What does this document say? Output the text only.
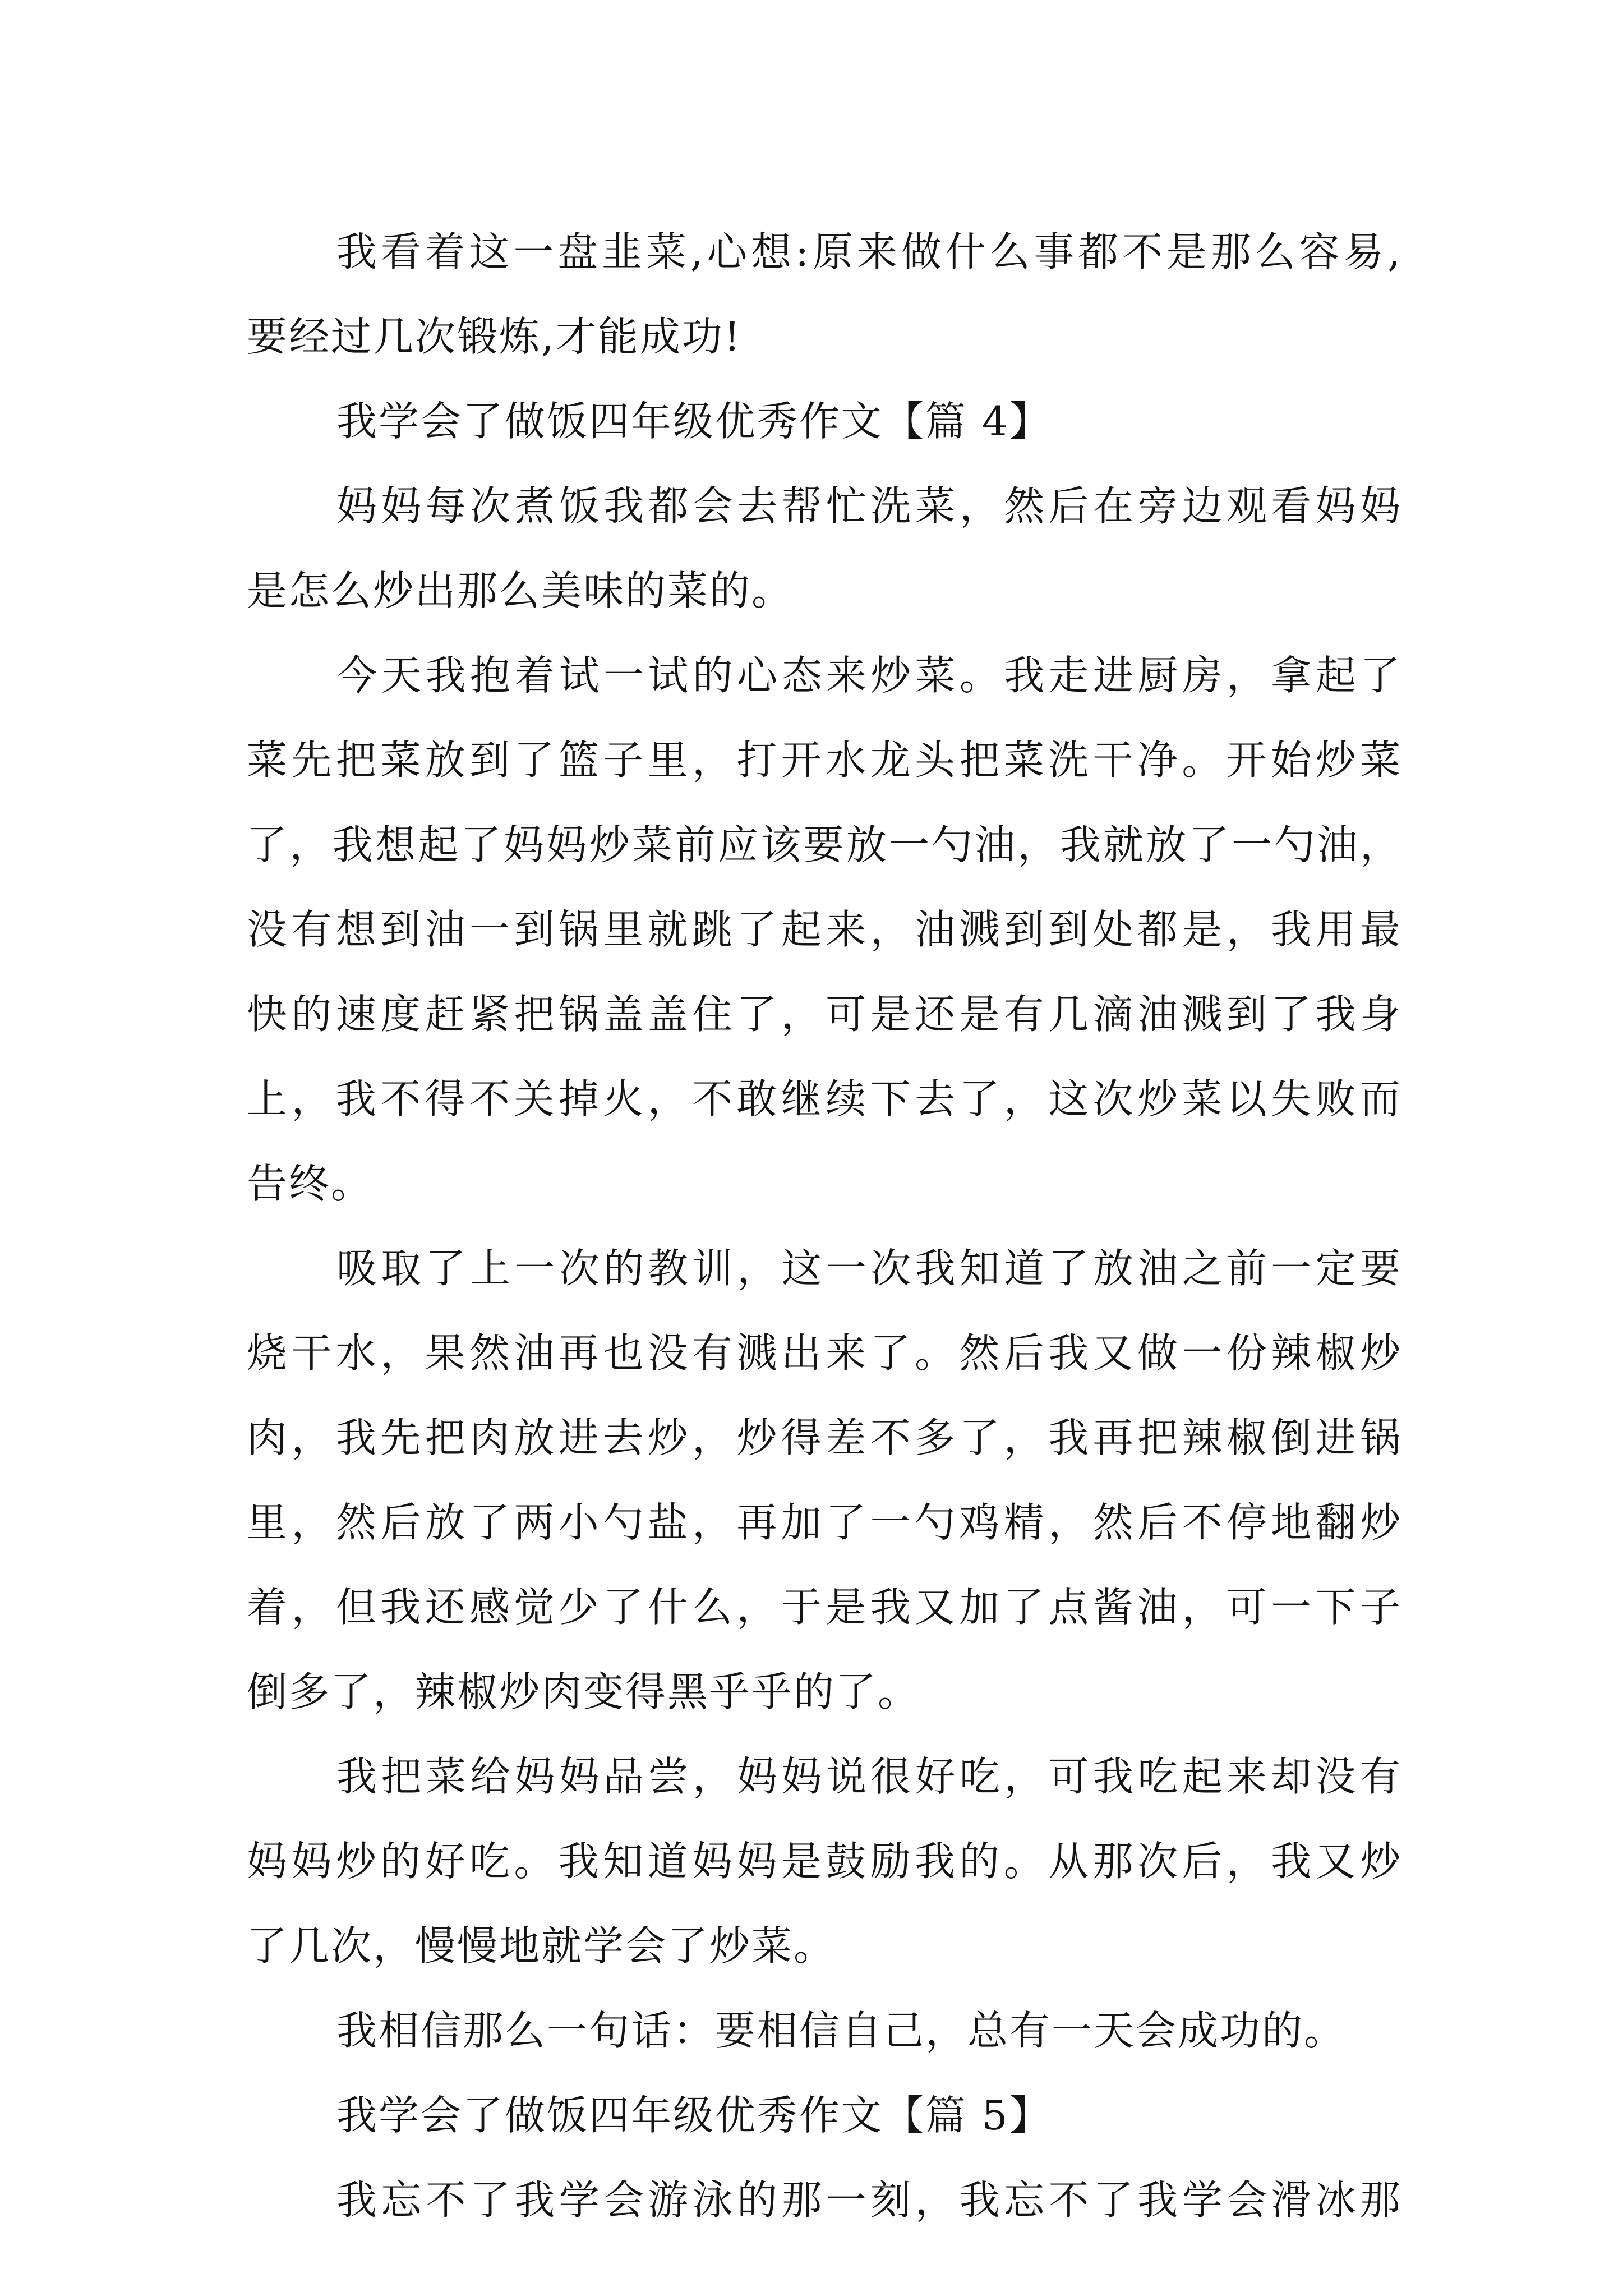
我看着这一盘韭菜,心想:原来做什么事都不是那么容易,
要经过几次锻炼,才能成功!
我学会了做饭四年级优秀作文【篇 4】
妈妈每次煮饭我都会去帮忙洗菜，然后在旁边观看妈妈
是怎么炒出那么美味的菜的。
今天我抱着试一试的心态来炒菜。我走进厨房，拿起了
菜先把菜放到了篮子里，打开水龙头把菜洗干净。开始炒菜
了，我想起了妈妈炒菜前应该要放一勺油，我就放了一勺油，
没有想到油一到锅里就跳了起来，油溅到到处都是，我用最
快的速度赶紧把锅盖盖住了，可是还是有几滴油溅到了我身
上，我不得不关掉火，不敢继续下去了，这次炒菜以失败而
告终。
吸取了上一次的教训，这一次我知道了放油之前一定要
烧干水，果然油再也没有溅出来了。然后我又做一份辣椒炒
肉，我先把肉放进去炒，炒得差不多了，我再把辣椒倒进锅
里，然后放了两小勺盐，再加了一勺鸡精，然后不停地翻炒
着，但我还感觉少了什么，于是我又加了点酱油，可一下子
倒多了，辣椒炒肉变得黑乎乎的了。
我把菜给妈妈品尝，妈妈说很好吃，可我吃起来却没有
妈妈炒的好吃。我知道妈妈是鼓励我的。从那次后，我又炒
了几次，慢慢地就学会了炒菜。
我相信那么一句话：要相信自己，总有一天会成功的。
我学会了做饭四年级优秀作文【篇 5】
我忘不了我学会游泳的那一刻，我忘不了我学会滑冰那
